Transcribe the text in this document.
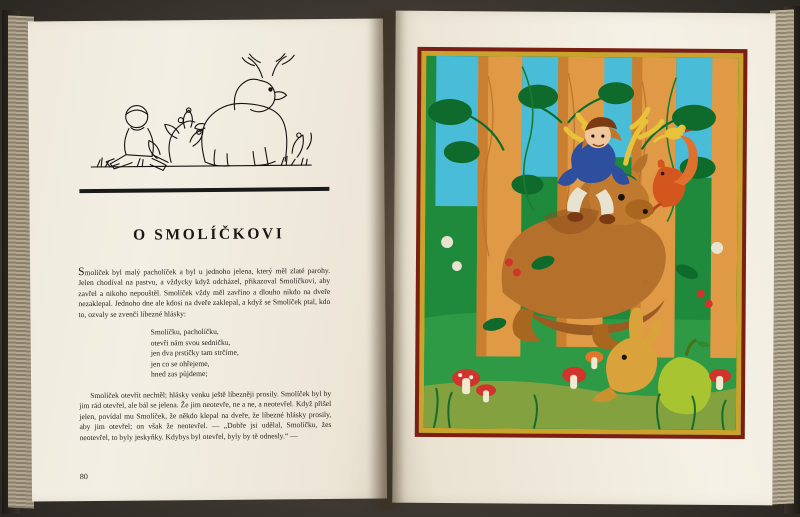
O SMOLÍČKOVI

Smolíček byl malý pacholíček a byl u jednoho jelena, který měl zlaté parohy. Jelen chodíval na pastvu, a vždycky když odcházel, přikazoval Smolíčkovi, aby zavřel a nikoho nepouštěl. Smolíček vždy měl zavříno a dlouho nikdo na dveře nezaklepal. Jednoho dne ale kdosi na dveře zaklepal, a když se Smolíček ptal, kdo to, ozvaly se zvenčí líbezné hlásky:

Smolíčku, pacholíčku,
otevři nám svou sedničku,
jen dva prstíčky tam strčíme,
jen co se ohřejeme,
hned zas půjdeme;

Smolíček otevřít nechtěl; hlásky venku ještě líbezněji prosily. Smolíček byl by jim rád otevřel, ale bál se jelena. Že jim neotevře, ne a ne, a neotevřel. Když přišel jelen, povídal mu Smolíček, že někdo klepal na dveře, že líbezné hlásky prosily, aby jim otevřel; on však že neotevřel. — „Dobře jsi udělal, Smolíčku, žes neotevřel, to byly jeskyňky. Kdybys byl otevřel, byly by tě odnesly.“ —

80
